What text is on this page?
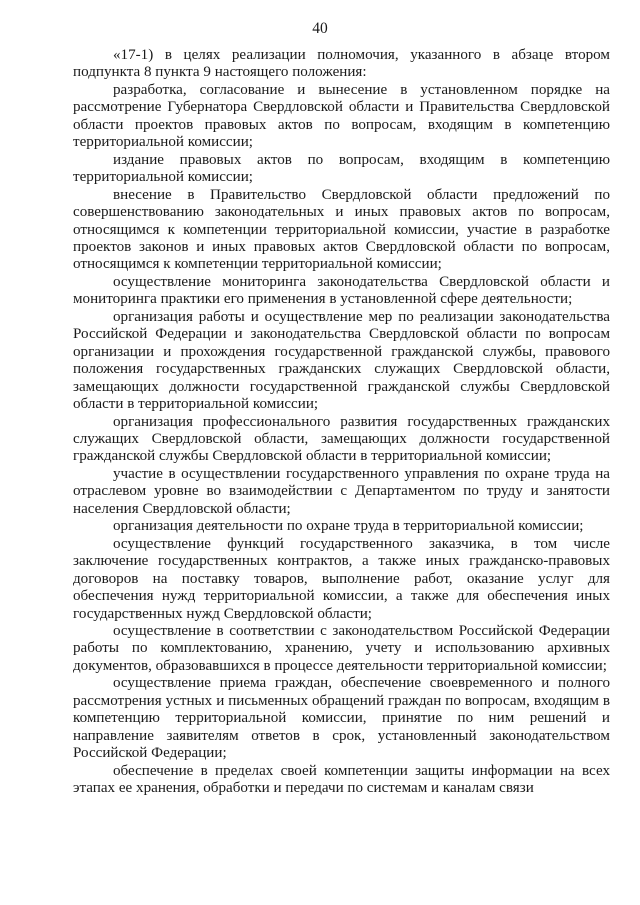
40

«17-1) в целях реализации полномочия, указанного в абзаце втором подпункта 8 пункта 9 настоящего положения:

разработка, согласование и вынесение в установленном порядке на рассмотрение Губернатора Свердловской области и Правительства Свердловской области проектов правовых актов по вопросам, входящим в компетенцию территориальной комиссии;

издание правовых актов по вопросам, входящим в компетенцию территориальной комиссии;

внесение в Правительство Свердловской области предложений по совершенствованию законодательных и иных правовых актов по вопросам, относящимся к компетенции территориальной комиссии, участие в разработке проектов законов и иных правовых актов Свердловской области по вопросам, относящимся к компетенции территориальной комиссии;

осуществление мониторинга законодательства Свердловской области и мониторинга практики его применения в установленной сфере деятельности;

организация работы и осуществление мер по реализации законодательства Российской Федерации и законодательства Свердловской области по вопросам организации и прохождения государственной гражданской службы, правового положения государственных гражданских служащих Свердловской области, замещающих должности государственной гражданской службы Свердловской области в территориальной комиссии;

организация профессионального развития государственных гражданских служащих Свердловской области, замещающих должности государственной гражданской службы Свердловской области в территориальной комиссии;

участие в осуществлении государственного управления по охране труда на отраслевом уровне во взаимодействии с Департаментом по труду и занятости населения Свердловской области;

организация деятельности по охране труда в территориальной комиссии;

осуществление функций государственного заказчика, в том числе заключение государственных контрактов, а также иных гражданско-правовых договоров на поставку товаров, выполнение работ, оказание услуг для обеспечения нужд территориальной комиссии, а также для обеспечения иных государственных нужд Свердловской области;

осуществление в соответствии с законодательством Российской Федерации работы по комплектованию, хранению, учету и использованию архивных документов, образовавшихся в процессе деятельности территориальной комиссии;

осуществление приема граждан, обеспечение своевременного и полного рассмотрения устных и письменных обращений граждан по вопросам, входящим в компетенцию территориальной комиссии, принятие по ним решений и направление заявителям ответов в срок, установленный законодательством Российской Федерации;

обеспечение в пределах своей компетенции защиты информации на всех этапах ее хранения, обработки и передачи по системам и каналам связи
